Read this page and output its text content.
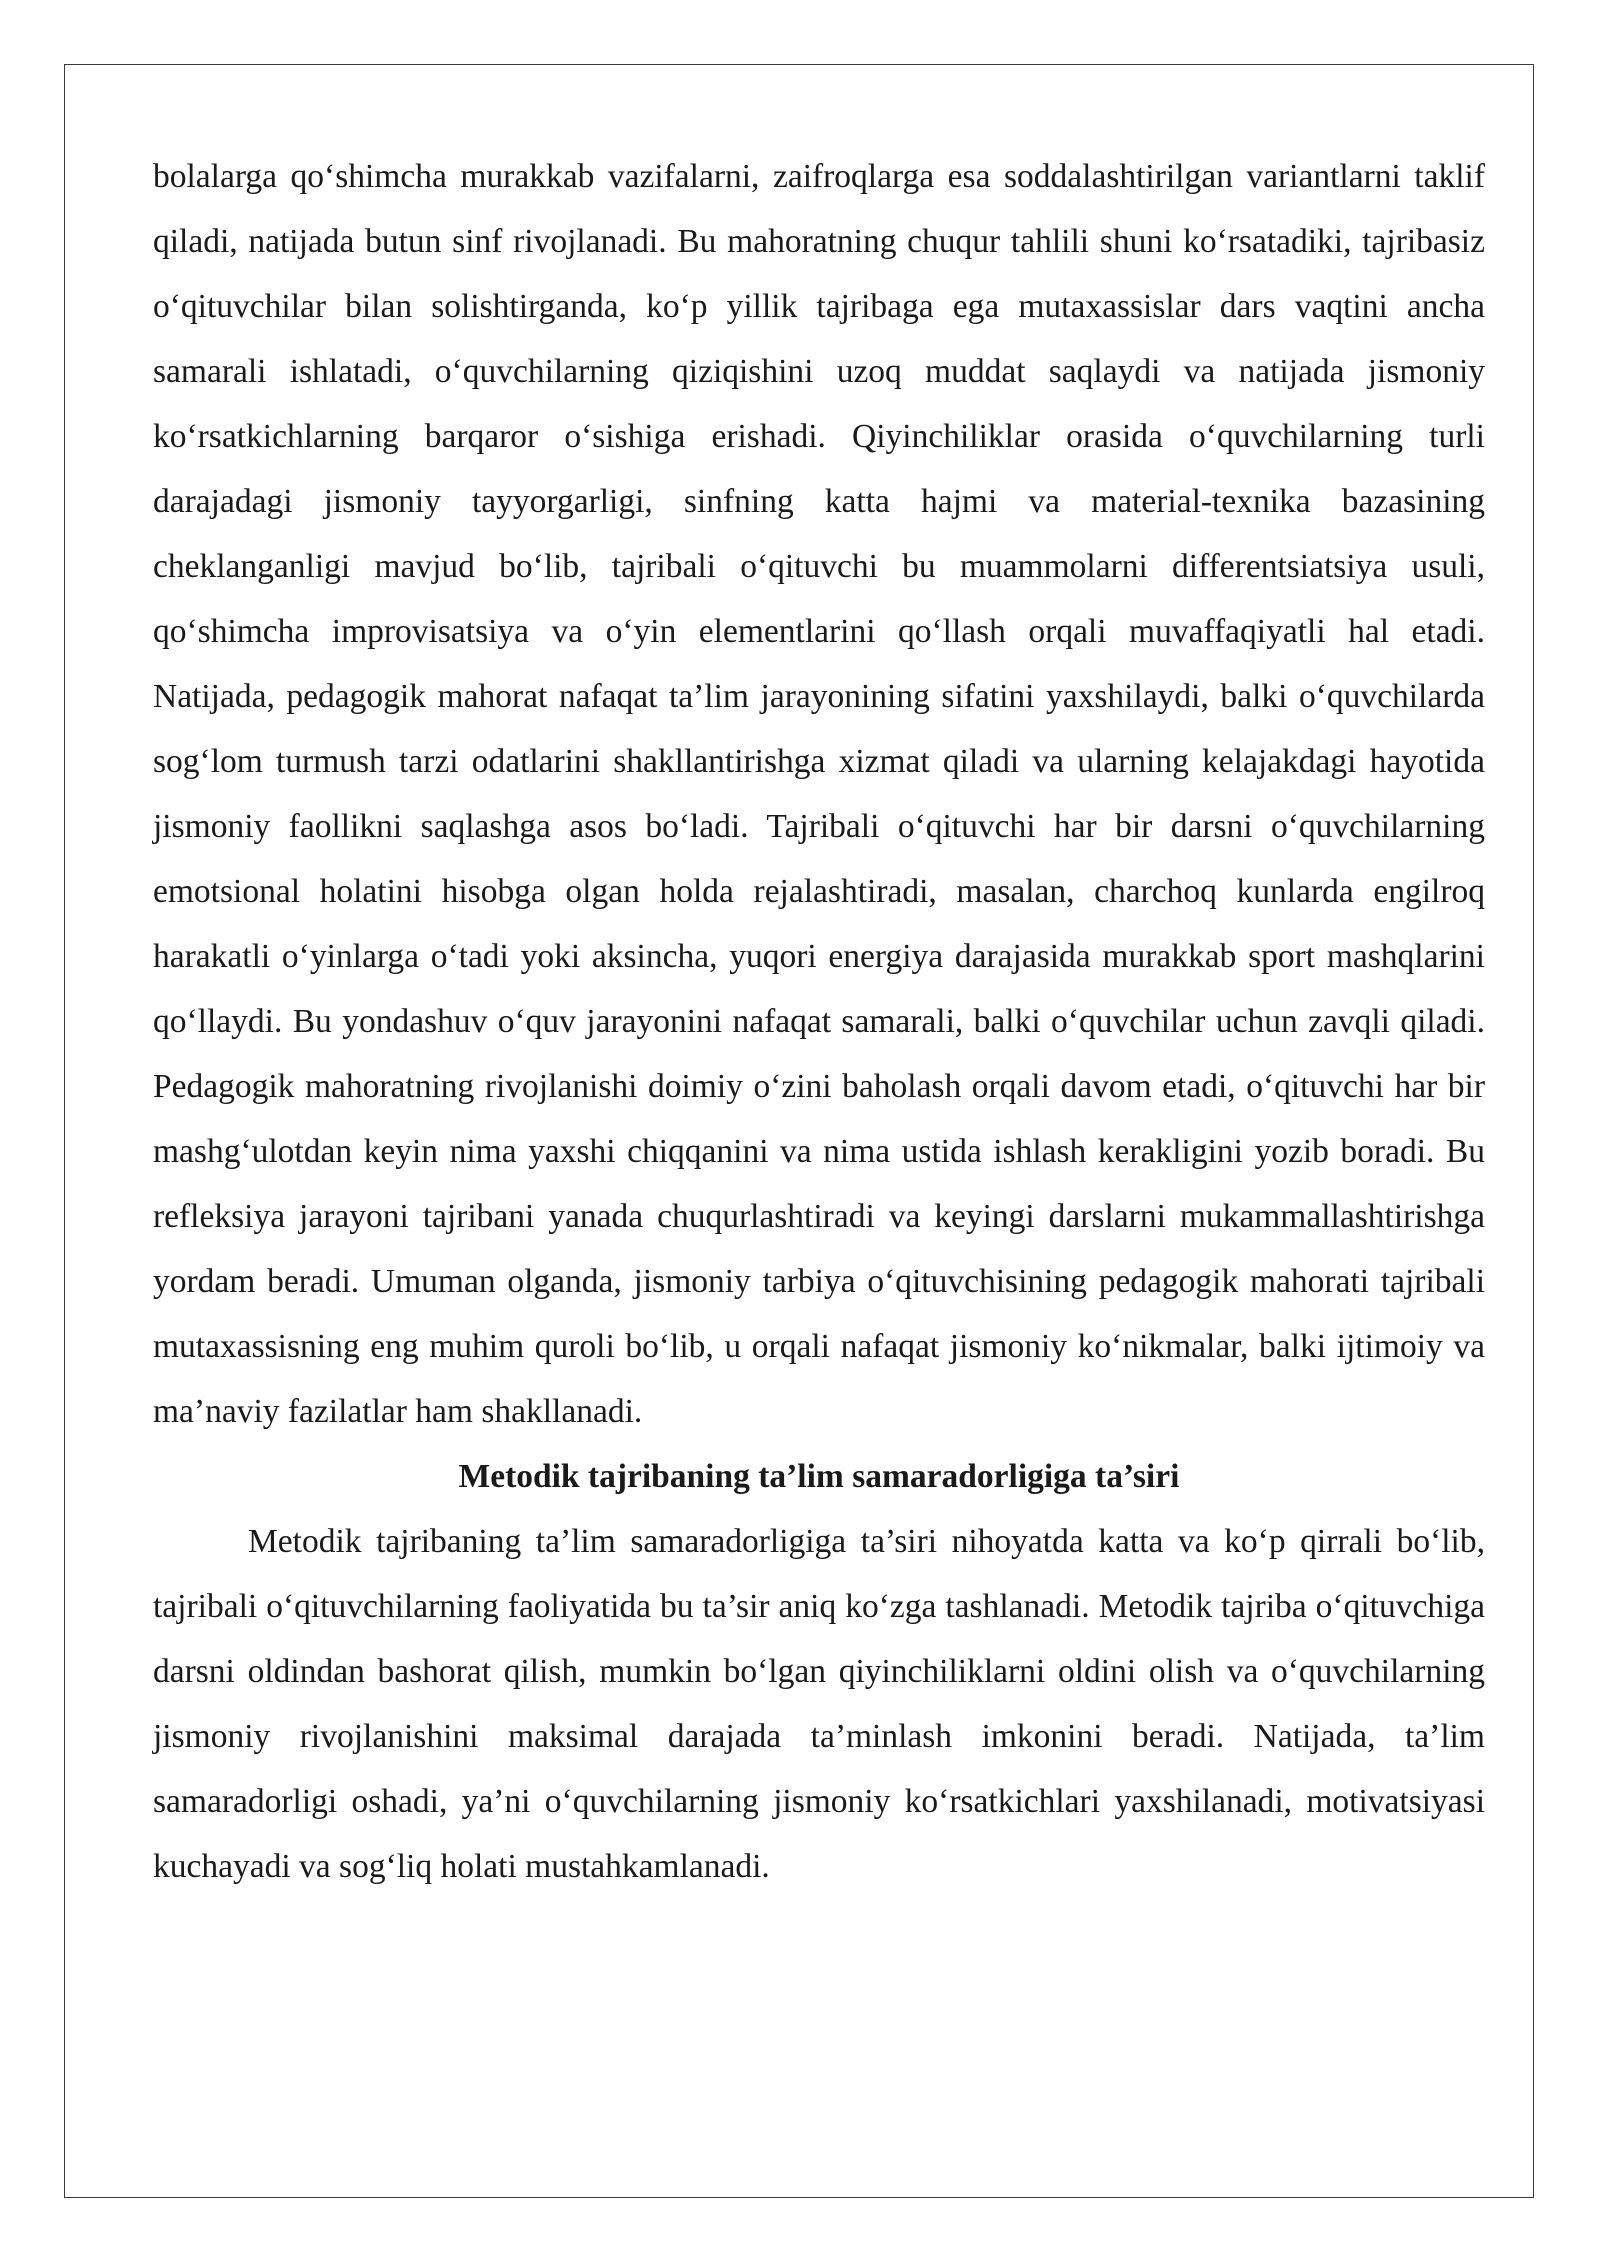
bolalarga qoʻshimcha murakkab vazifalarni, zaifroqlarga esa soddalashtirilgan variantlarni taklif qiladi, natijada butun sinf rivojlanadi. Bu mahoratning chuqur tahlili shuni koʻrsatadiki, tajribasiz oʻqituvchilar bilan solishtirganda, koʻp yillik tajribaga ega mutaxassislar dars vaqtini ancha samarali ishlatadi, oʻquvchilarning qiziqishini uzoq muddat saqlaydi va natijada jismoniy koʻrsatkichlarning barqaror oʻsishiga erishadi. Qiyinchiliklar orasida oʻquvchilarning turli darajadagi jismoniy tayyorgarligi, sinfning katta hajmi va material-texnika bazasining cheklanganligi mavjud boʻlib, tajribali oʻqituvchi bu muammolarni differentsiatsiya usuli, qoʻshimcha improvisatsiya va oʻyin elementlarini qoʻllash orqali muvaffaqiyatli hal etadi. Natijada, pedagogik mahorat nafaqat ta’lim jarayonining sifatini yaxshilaydi, balki oʻquvchilarda sogʻlom turmush tarzi odatlarini shakllantirishga xizmat qiladi va ularning kelajakdagi hayotida jismoniy faollikni saqlashga asos boʻladi. Tajribali oʻqituvchi har bir darsni oʻquvchilarning emotsional holatini hisobga olgan holda rejalashtiradi, masalan, charchoq kunlarda engilroq harakatli oʻyinlarga oʻtadi yoki aksincha, yuqori energiya darajasida murakkab sport mashqlarini qoʻllaydi. Bu yondashuv oʻquv jarayonini nafaqat samarali, balki oʻquvchilar uchun zavqli qiladi. Pedagogik mahoratning rivojlanishi doimiy oʻzini baholash orqali davom etadi, oʻqituvchi har bir mashgʻulotdan keyin nima yaxshi chiqqanini va nima ustida ishlash kerakligini yozib boradi. Bu refleksiya jarayoni tajribani yanada chuqurlashtiradi va keyingi darslarni mukammallashtirishga yordam beradi. Umuman olganda, jismoniy tarbiya oʻqituvchisining pedagogik mahorati tajribali mutaxassisning eng muhim quroli boʻlib, u orqali nafaqat jismoniy koʻnikmalar, balki ijtimoiy va ma’naviy fazilatlar ham shakllanadi.

Metodik tajribaning ta’lim samaradorligiga ta’siri

Metodik tajribaning ta’lim samaradorligiga ta’siri nihoyatda katta va koʻp qirrali boʻlib, tajribali oʻqituvchilarning faoliyatida bu ta’sir aniq koʻzga tashlanadi. Metodik tajriba oʻqituvchiga darsni oldindan bashorat qilish, mumkin boʻlgan qiyinchiliklarni oldini olish va oʻquvchilarning jismoniy rivojlanishini maksimal darajada ta’minlash imkonini beradi. Natijada, ta’lim samaradorligi oshadi, ya’ni oʻquvchilarning jismoniy koʻrsatkichlari yaxshilanadi, motivatsiyasi kuchayadi va sogʻliq holati mustahkamlanadi.
